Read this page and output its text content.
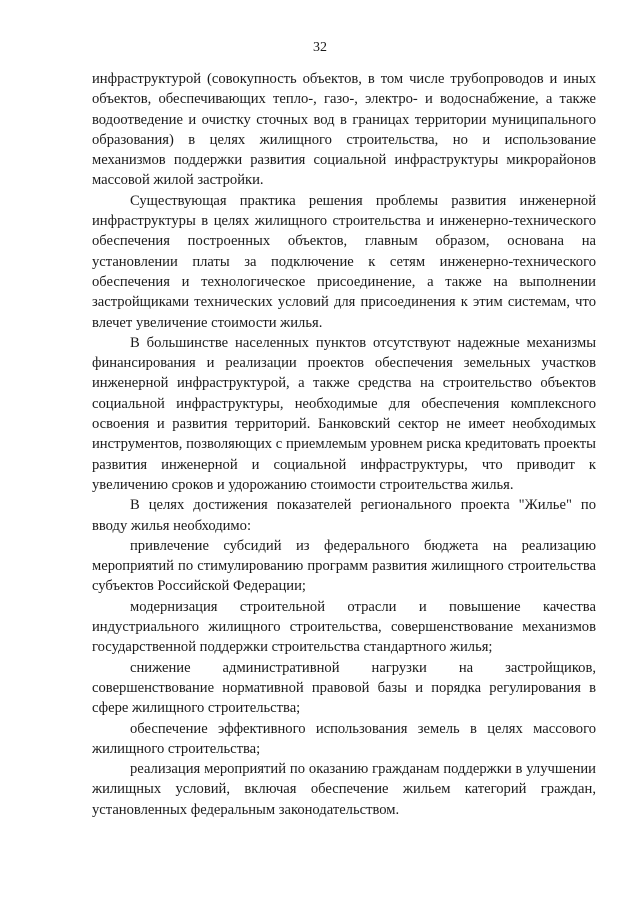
32

инфраструктурой (совокупность объектов, в том числе трубопроводов и иных объектов, обеспечивающих тепло-, газо-, электро- и водоснабжение, а также водоотведение и очистку сточных вод в границах территории муниципального образования) в целях жилищного строительства, но и использование механизмов поддержки развития социальной инфраструктуры микрорайонов массовой жилой застройки.

Существующая практика решения проблемы развития инженерной инфраструктуры в целях жилищного строительства и инженерно-технического обеспечения построенных объектов, главным образом, основана на установлении платы за подключение к сетям инженерно-технического обеспечения и технологическое присоединение, а также на выполнении застройщиками технических условий для присоединения к этим системам, что влечет увеличение стоимости жилья.

В большинстве населенных пунктов отсутствуют надежные механизмы финансирования и реализации проектов обеспечения земельных участков инженерной инфраструктурой, а также средства на строительство объектов социальной инфраструктуры, необходимые для обеспечения комплексного освоения и развития территорий. Банковский сектор не имеет необходимых инструментов, позволяющих с приемлемым уровнем риска кредитовать проекты развития инженерной и социальной инфраструктуры, что приводит к увеличению сроков и удорожанию стоимости строительства жилья.

В целях достижения показателей регионального проекта "Жилье" по вводу жилья необходимо:

привлечение субсидий из федерального бюджета на реализацию мероприятий по стимулированию программ развития жилищного строительства субъектов Российской Федерации;

модернизация строительной отрасли и повышение качества индустриального жилищного строительства, совершенствование механизмов государственной поддержки строительства стандартного жилья;

снижение административной нагрузки на застройщиков, совершенствование нормативной правовой базы и порядка регулирования в сфере жилищного строительства;

обеспечение эффективного использования земель в целях массового жилищного строительства;

реализация мероприятий по оказанию гражданам поддержки в улучшении жилищных условий, включая обеспечение жильем категорий граждан, установленных федеральным законодательством.
